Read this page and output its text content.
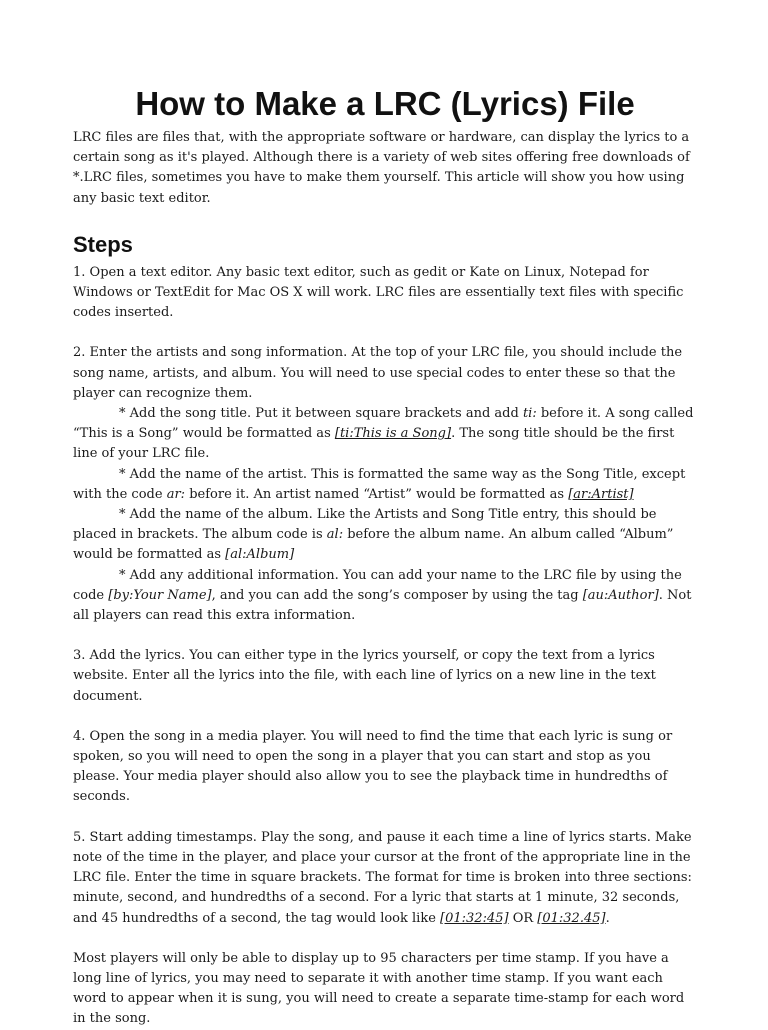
How to Make a LRC (Lyrics) File

LRC files are files that, with the appropriate software or hardware, can display the lyrics to a certain song as it's played. Although there is a variety of web sites offering free downloads of *.LRC files, sometimes you have to make them yourself. This article will show you how using any basic text editor.

Steps

1. Open a text editor. Any basic text editor, such as gedit or Kate on Linux, Notepad for Windows or TextEdit for Mac OS X will work. LRC files are essentially text files with specific codes inserted.

2. Enter the artists and song information. At the top of your LRC file, you should include the song name, artists, and album. You will need to use special codes to enter these so that the player can recognize them.

* Add the song title. Put it between square brackets and add ti: before it. A song called “This is a Song” would be formatted as [ti:This is a Song]. The song title should be the first line of your LRC file.

* Add the name of the artist. This is formatted the same way as the Song Title, except with the code ar: before it. An artist named “Artist” would be formatted as [ar:Artist]

* Add the name of the album. Like the Artists and Song Title entry, this should be placed in brackets. The album code is al: before the album name. An album called “Album” would be formatted as [al:Album]

* Add any additional information. You can add your name to the LRC file by using the code [by:Your Name], and you can add the song’s composer by using the tag [au:Author]. Not all players can read this extra information.

3. Add the lyrics. You can either type in the lyrics yourself, or copy the text from a lyrics website. Enter all the lyrics into the file, with each line of lyrics on a new line in the text document.

4. Open the song in a media player. You will need to find the time that each lyric is sung or spoken, so you will need to open the song in a player that you can start and stop as you please. Your media player should also allow you to see the playback time in hundredths of seconds.

5. Start adding timestamps. Play the song, and pause it each time a line of lyrics starts. Make note of the time in the player, and place your cursor at the front of the appropriate line in the LRC file. Enter the time in square brackets. The format for time is broken into three sections: minute, second, and hundredths of a second. For a lyric that starts at 1 minute, 32 seconds, and 45 hundredths of a second, the tag would look like [01:32:45] OR [01:32.45].

Most players will only be able to display up to 95 characters per time stamp. If you have a long line of lyrics, you may need to separate it with another time stamp. If you want each word to appear when it is sung, you will need to create a separate time-stamp for each word in the song.
